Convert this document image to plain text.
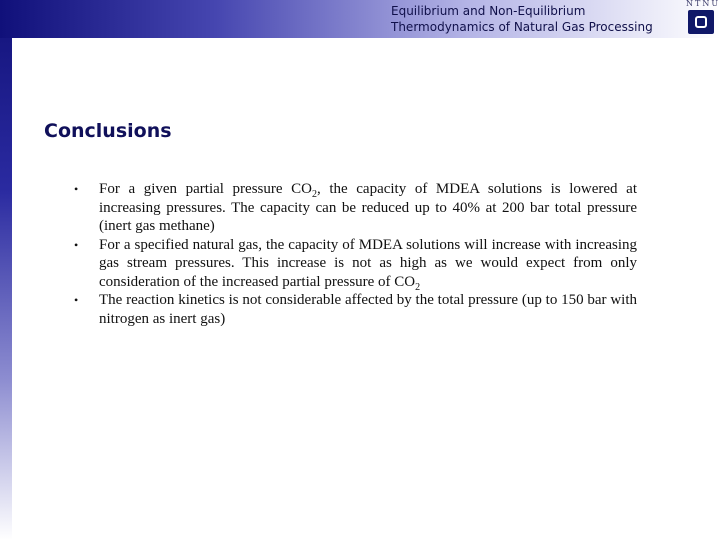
Equilibrium and Non-Equilibrium
Thermodynamics of Natural Gas Processing
NTNU
Conclusions
• For a given partial pressure $CO_2$, the capacity of MDEA solutions is lowered at increasing pressures. The capacity can be reduced up to 40% at 200 bar total pressure (inert gas methane)
• For a specified natural gas, the capacity of MDEA solutions will increase with increasing gas stream pressures. This increase is not as high as we would expect from only consideration of the increased partial pressure of $CO_2$
• The reaction kinetics is not considerable affected by the total pressure (up to 150 bar with nitrogen as inert gas)
